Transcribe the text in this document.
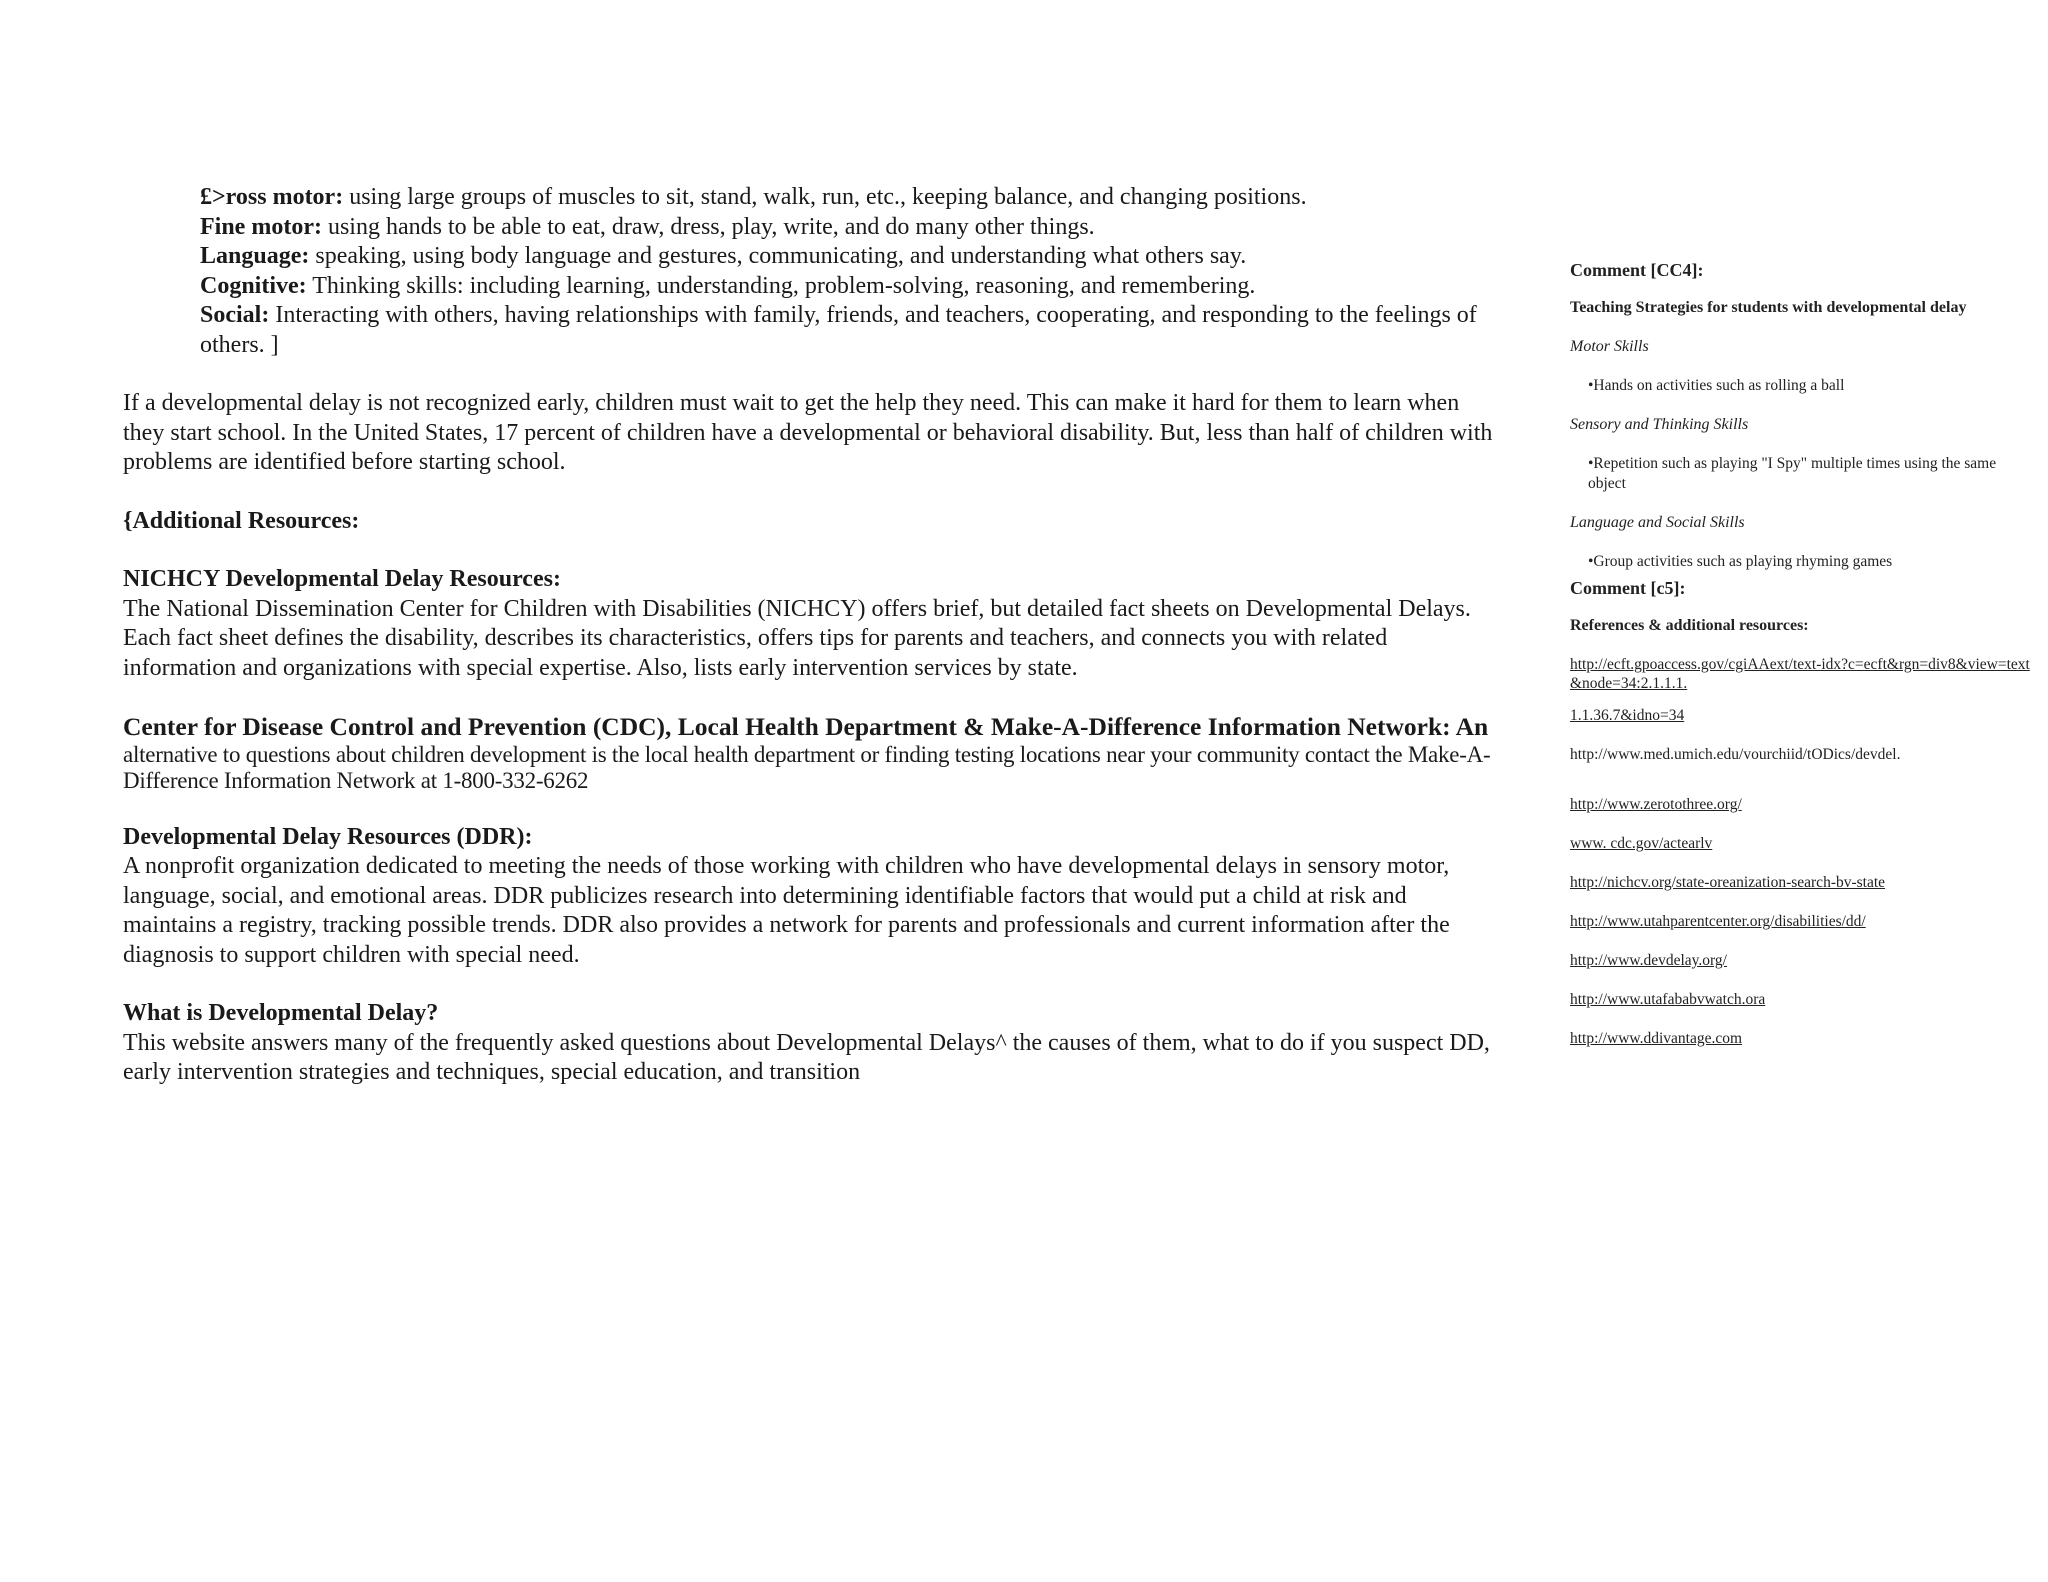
£>ross motor: using large groups of muscles to sit, stand, walk, run, etc., keeping balance, and changing positions.

Fine motor: using hands to be able to eat, draw, dress, play, write, and do many other things.

Language: speaking, using body language and gestures, communicating, and understanding what others say.

Cognitive: Thinking skills: including learning, understanding, problem-solving, reasoning, and remembering.

Social: Interacting with others, having relationships with family, friends, and teachers, cooperating, and responding to the feelings of others. ]

If a developmental delay is not recognized early, children must wait to get the help they need. This can make it hard for them to learn when they start school. In the United States, 17 percent of children have a developmental or behavioral disability. But, less than half of children with problems are identified before starting school.

{Additional Resources:

NICHCY Developmental Delay Resources:

The National Dissemination Center for Children with Disabilities (NICHCY) offers brief, but detailed fact sheets on Developmental Delays. Each fact sheet defines the disability, describes its characteristics, offers tips for parents and teachers, and connects you with related information and organizations with special expertise. Also, lists early intervention services by state.

Center for Disease Control and Prevention (CDC), Local Health Department & Make-A-Difference Information Network: An

alternative to questions about children development is the local health department or finding testing locations near your community contact the Make-A-Difference Information Network at 1-800-332-6262

Developmental Delay Resources (DDR):

A nonprofit organization dedicated to meeting the needs of those working with children who have developmental delays in sensory motor, language, social, and emotional areas. DDR publicizes research into determining identifiable factors that would put a child at risk and maintains a registry, tracking possible trends. DDR also provides a network for parents and professionals and current information after the diagnosis to support children with special need.

What is Developmental Delay?

This website answers many of the frequently asked questions about Developmental Delays^ the causes of them, what to do if you suspect DD, early intervention strategies and techniques, special education, and transition

Comment [CC4]:
Teaching Strategies for students with developmental delay
Motor Skills
•Hands on activities such as rolling a ball
Sensory and Thinking Skills
•Repetition such as playing "I Spy" multiple times using the same object
Language and Social Skills
•Group activities such as playing rhyming games
Comment [c5]:
References & additional resources:
http://ecft.gpoaccess.gov/cgiAAext/text-idx?c=ecft&rgn=div8&view=text&node=34:2.1.1.1.
1.1.36.7&idno=34
http://www.med.umich.edu/vourchiid/tODics/devdel.
http://www.zerotothree.org/
www. cdc.gov/actearlv
http://nichcv.org/state-oreanization-search-bv-state
http://www.utahparentcenter.org/disabilities/dd/
http://www.devdelay.org/
http://www.utafababvwatch.ora
http://www.ddivantage.com
